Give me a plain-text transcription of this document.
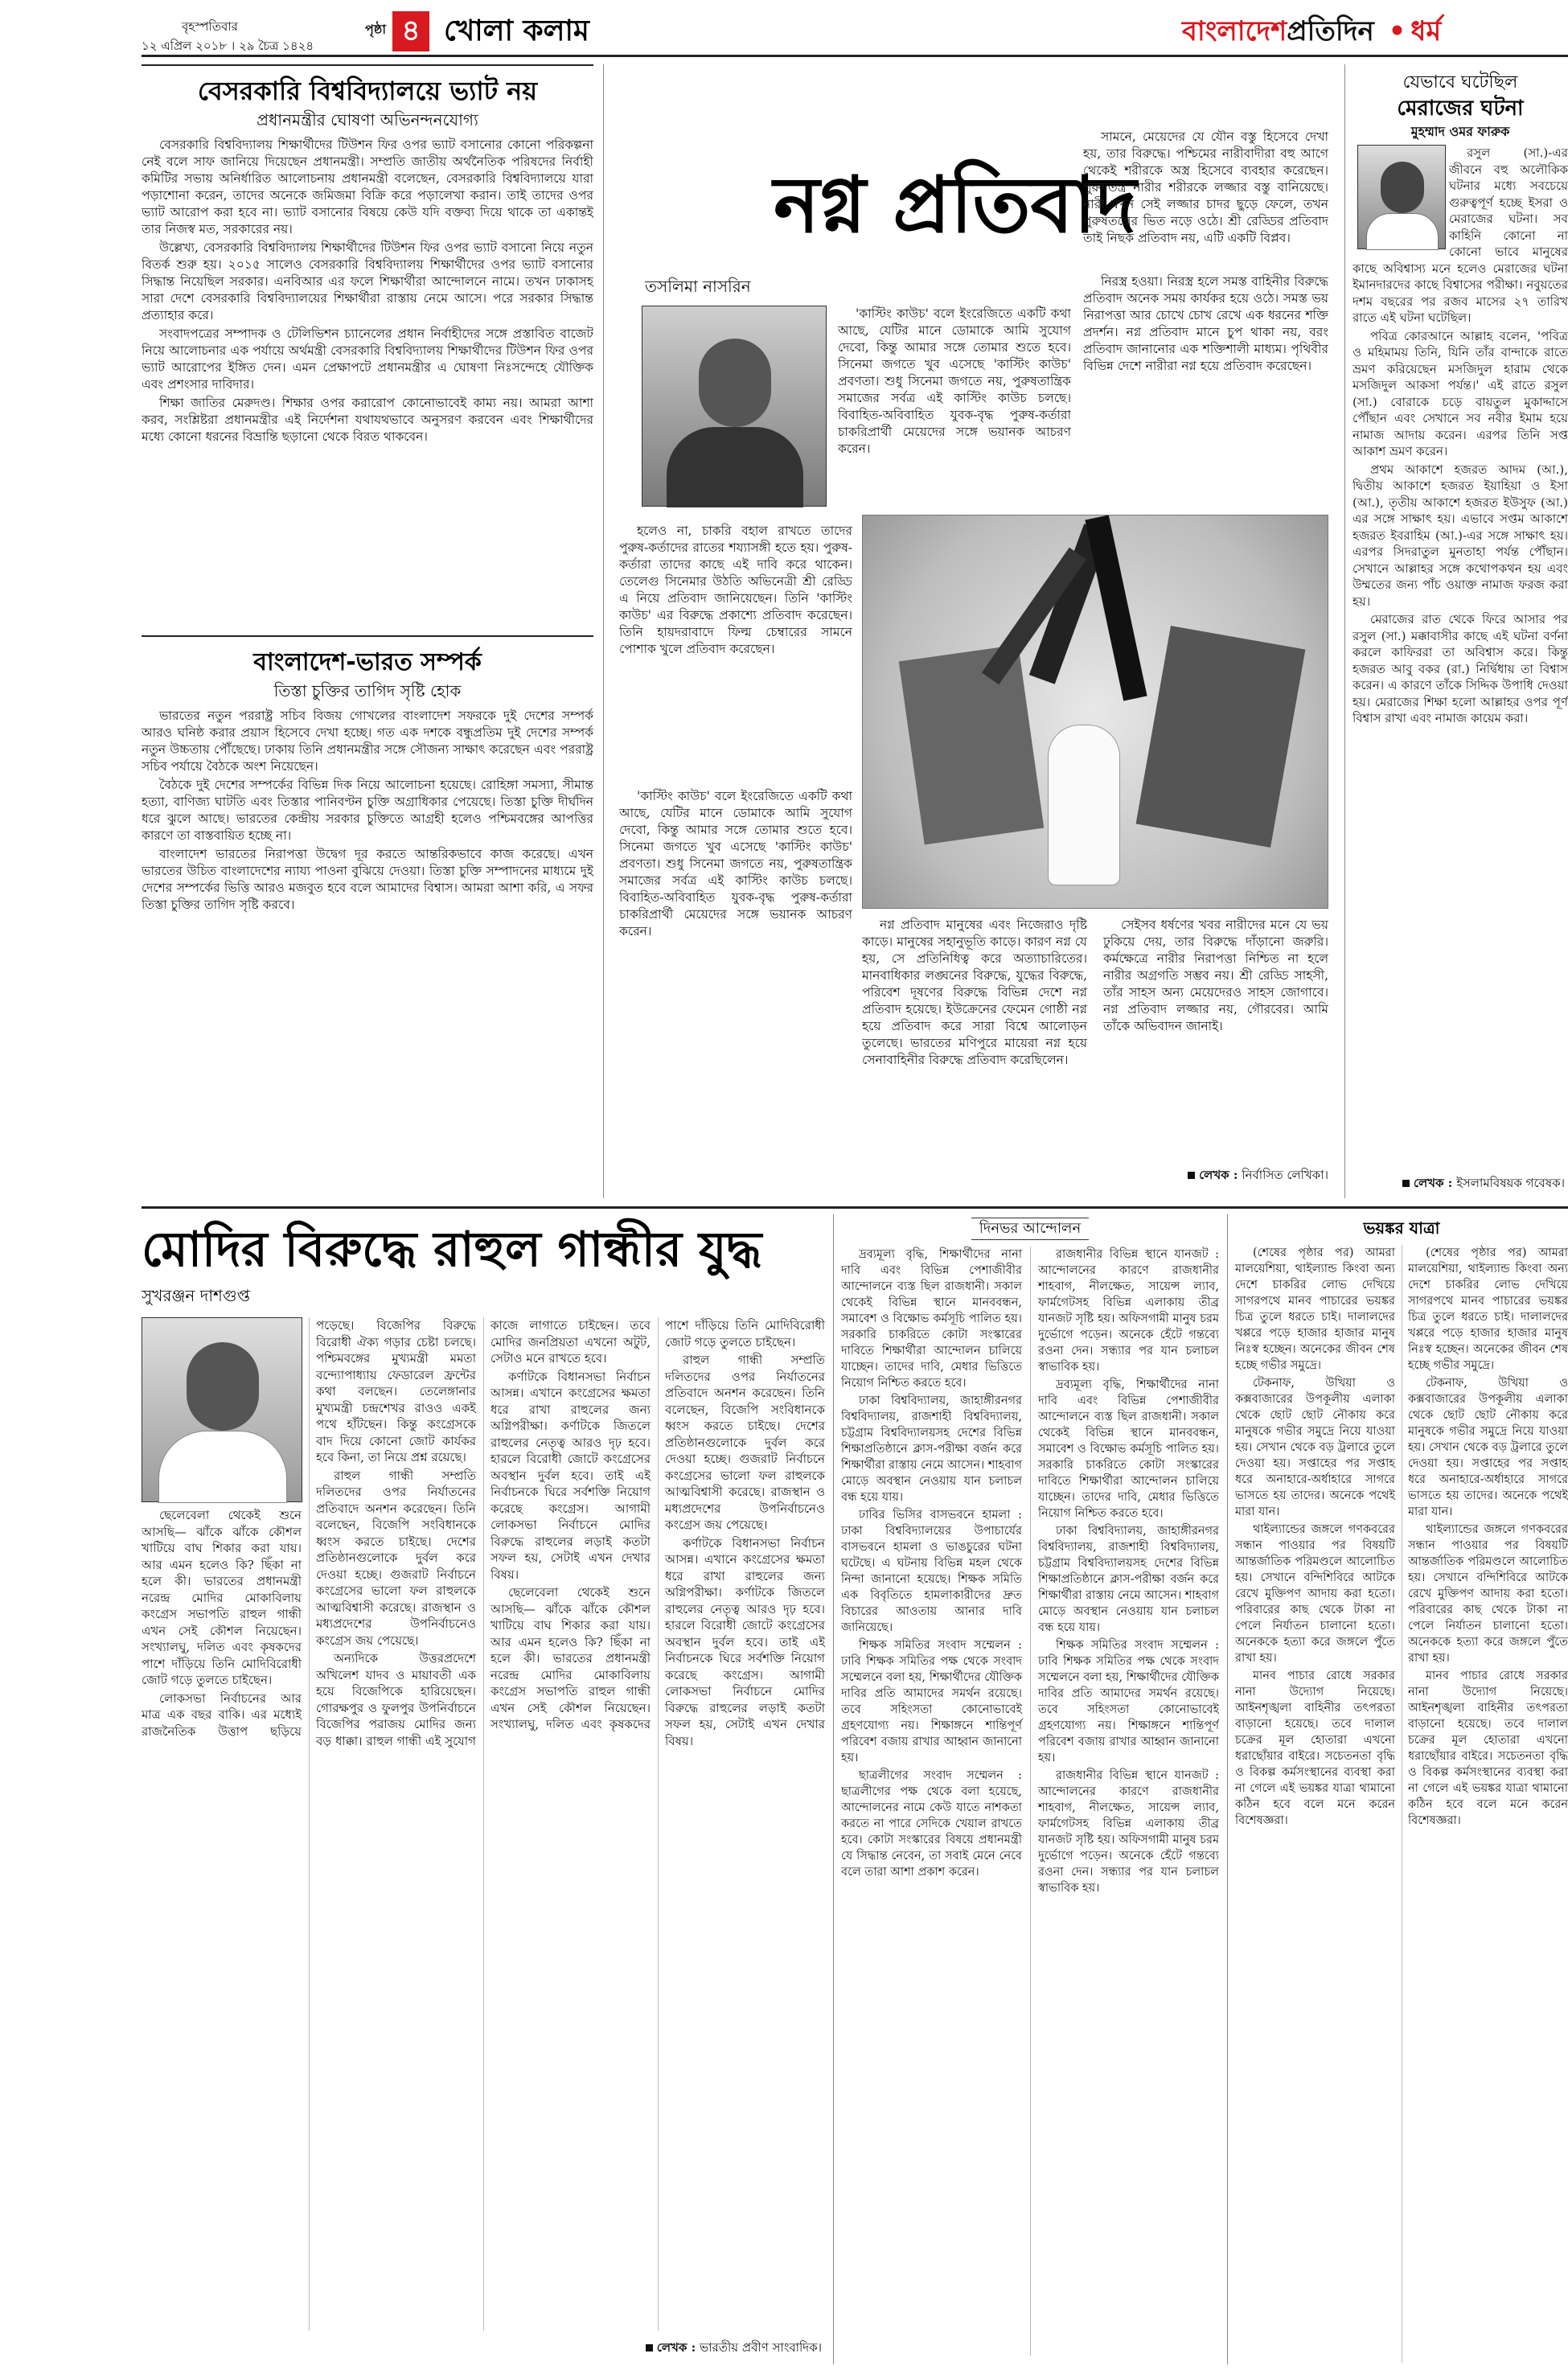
বৃহস্পতিবার
১২ এপ্রিল ২০১৮ । ২৯ চৈত্র ১৪২৪
পৃষ্ঠা ৪ খোলা কলাম	বাংলাদেশপ্রতিদিন • ধর্ম
বেসরকারি বিশ্ববিদ্যালয়ে ভ্যাট নয়
প্রধানমন্ত্রীর ঘোষণা অভিনন্দনযোগ্য

বেসরকারি বিশ্ববিদ্যালয় শিক্ষার্থীদের টিউশন ফির ওপর ভ্যাট বসানোর কোনো পরিকল্পনা নেই বলে সাফ জানিয়ে দিয়েছেন প্রধানমন্ত্রী। সম্প্রতি জাতীয় অর্থনৈতিক পরিষদের নির্বাহী কমিটির সভায় অনির্ধারিত আলোচনায় প্রধানমন্ত্রী বলেছেন, বেসরকারি বিশ্ববিদ্যালয়ে যারা পড়াশোনা করেন, তাদের অনেকে জমিজমা বিক্রি করে পড়ালেখা করান। তাই তাদের ওপর ভ্যাট আরোপ করা হবে না। ভ্যাট বসানোর বিষয়ে কেউ যদি বক্তব্য দিয়ে থাকে তা একান্তই তার নিজস্ব মত, সরকারের নয়।

উল্লেখ্য, বেসরকারি বিশ্ববিদ্যালয় শিক্ষার্থীদের টিউশন ফির ওপর ভ্যাট বসানো নিয়ে নতুন বিতর্ক শুরু হয়। ২০১৫ সালেও বেসরকারি বিশ্ববিদ্যালয় শিক্ষার্থীদের ওপর ভ্যাট বসানোর সিদ্ধান্ত নিয়েছিল সরকার। এনবিআর এর ফলে শিক্ষার্থীরা আন্দোলনে নামে। তখন ঢাকাসহ সারা দেশে বেসরকারি বিশ্ববিদ্যালয়ের শিক্ষার্থীরা রাস্তায় নেমে আসে। পরে সরকার সিদ্ধান্ত প্রত্যাহার করে।

সংবাদপত্রের সম্পাদক ও টেলিভিশন চ্যানেলের প্রধান নির্বাহীদের সঙ্গে প্রস্তাবিত বাজেট নিয়ে আলোচনার এক পর্যায়ে অর্থমন্ত্রী বেসরকারি বিশ্ববিদ্যালয় শিক্ষার্থীদের টিউশন ফির ওপর ভ্যাট আরোপের ইঙ্গিত দেন। এমন প্রেক্ষাপটে প্রধানমন্ত্রীর এ ঘোষণা নিঃসন্দেহে যৌক্তিক এবং প্রশংসার দাবিদার।

শিক্ষা জাতির মেরুদণ্ড। শিক্ষার ওপর করারোপ কোনোভাবেই কাম্য নয়। আমরা আশা করব, সংশ্লিষ্টরা প্রধানমন্ত্রীর এই নির্দেশনা যথাযথভাবে অনুসরণ করবেন এবং শিক্ষার্থীদের মধ্যে কোনো ধরনের বিভ্রান্তি ছড়ানো থেকে বিরত থাকবেন।

বাংলাদেশ-ভারত সম্পর্ক
তিস্তা চুক্তির তাগিদ সৃষ্টি হোক

ভারতের নতুন পররাষ্ট্র সচিব বিজয় গোখলের বাংলাদেশ সফরকে দুই দেশের সম্পর্ক আরও ঘনিষ্ঠ করার প্রয়াস হিসেবে দেখা হচ্ছে। গত এক দশকে বন্ধুপ্রতিম দুই দেশের সম্পর্ক নতুন উচ্চতায় পৌঁছেছে। ঢাকায় তিনি প্রধানমন্ত্রীর সঙ্গে সৌজন্য সাক্ষাৎ করেছেন এবং পররাষ্ট্র সচিব পর্যায়ে বৈঠকে অংশ নিয়েছেন।

বৈঠকে দুই দেশের সম্পর্কের বিভিন্ন দিক নিয়ে আলোচনা হয়েছে। রোহিঙ্গা সমস্যা, সীমান্ত হত্যা, বাণিজ্য ঘাটতি এবং তিস্তার পানিবণ্টন চুক্তি অগ্রাধিকার পেয়েছে। তিস্তা চুক্তি দীর্ঘদিন ধরে ঝুলে আছে। ভারতের কেন্দ্রীয় সরকার চুক্তিতে আগ্রহী হলেও পশ্চিমবঙ্গের আপত্তির কারণে তা বাস্তবায়িত হচ্ছে না।

বাংলাদেশ ভারতের নিরাপত্তা উদ্বেগ দূর করতে আন্তরিকভাবে কাজ করেছে। এখন ভারতের উচিত বাংলাদেশের ন্যায্য পাওনা বুঝিয়ে দেওয়া। তিস্তা চুক্তি সম্পাদনের মাধ্যমে দুই দেশের সম্পর্কের ভিত্তি আরও মজবুত হবে বলে আমাদের বিশ্বাস। আমরা আশা করি, এ সফর তিস্তা চুক্তির তাগিদ সৃষ্টি করবে।

নগ্ন প্রতিবাদ
তসলিমা নাসরিন

'কাস্টিং কাউচ' বলে ইংরেজিতে একটি কথা আছে, যেটির মানে ডোমাকে আমি সুযোগ দেবো, কিন্তু আমার সঙ্গে তোমার শুতে হবে। সিনেমা জগতে খুব এসেছে 'কাস্টিং কাউচ' প্রবণতা। শুধু সিনেমা জগতে নয়, পুরুষতান্ত্রিক সমাজের সর্বত্র এই কাস্টিং কাউচ চলছে। বিবাহিত-অবিবাহিত যুবক-বৃদ্ধ পুরুষ-কর্তারা চাকরিপ্রার্থী মেয়েদের সঙ্গে ভয়ানক আচরণ করেন।

হলেও না, চাকরি বহাল রাখতে তাদের পুরুষ-কর্তাদের রাতের শয্যাসঙ্গী হতে হয়। পুরুষ-কর্তারা তাদের কাছে এই দাবি করে থাকেন। তেলেগু সিনেমার উঠতি অভিনেত্রী শ্রী রেড্ডি এ নিয়ে প্রতিবাদ জানিয়েছেন। তিনি 'কাস্টিং কাউচ' এর বিরুদ্ধে প্রকাশ্যে প্রতিবাদ করেছেন। তিনি হায়দরাবাদে ফিল্ম চেম্বারের সামনে পোশাক খুলে প্রতিবাদ করেছেন।

নিরস্ত্র হওয়া। নিরস্ত্র হলে সমস্ত বাহিনীর বিরুদ্ধে প্রতিবাদ অনেক সময় কার্যকর হয়ে ওঠে। সমস্ত ভয় নিরাপত্তা আর চোখে চোখ রেখে এক ধরনের শক্তি প্রদর্শন। নগ্ন প্রতিবাদ মানে চুপ থাকা নয়, বরং প্রতিবাদ জানানোর এক শক্তিশালী মাধ্যম। পৃথিবীর বিভিন্ন দেশে নারীরা নগ্ন হয়ে প্রতিবাদ করেছেন।

সামনে, মেয়েদের যে যৌন বস্তু হিসেবে দেখা হয়, তার বিরুদ্ধে। পশ্চিমের নারীবাদীরা বহু আগে থেকেই শরীরকে অস্ত্র হিসেবে ব্যবহার করেছেন। পুরুষতন্ত্র নারীর শরীরকে লজ্জার বস্তু বানিয়েছে। নারী যখন সেই লজ্জার চাদর ছুড়ে ফেলে, তখন পুরুষতন্ত্রের ভিত নড়ে ওঠে। শ্রী রেড্ডির প্রতিবাদ তাই নিছক প্রতিবাদ নয়, এটি একটি বিপ্লব।

নগ্ন প্রতিবাদ মানুষের এবং নিজেরাও দৃষ্টি কাড়ে। মানুষের সহানুভূতি কাড়ে। কারণ নগ্ন যে হয়, সে প্রতিনিধিত্ব করে অত্যাচারিতের। মানবাধিকার লঙ্ঘনের বিরুদ্ধে, যুদ্ধের বিরুদ্ধে, পরিবেশ দূষণের বিরুদ্ধে বিভিন্ন দেশে নগ্ন প্রতিবাদ হয়েছে। ইউক্রেনের ফেমেন গোষ্ঠী নগ্ন হয়ে প্রতিবাদ করে সারা বিশ্বে আলোড়ন তুলেছে। ভারতের মণিপুরে মায়েরা নগ্ন হয়ে সেনাবাহিনীর বিরুদ্ধে প্রতিবাদ করেছিলেন।

সেইসব ধর্ষণের খবর নারীদের মনে যে ভয় ঢুকিয়ে দেয়, তার বিরুদ্ধে দাঁড়ানো জরুরি। কর্মক্ষেত্রে নারীর নিরাপত্তা নিশ্চিত না হলে নারীর অগ্রগতি সম্ভব নয়। শ্রী রেড্ডি সাহসী, তাঁর সাহস অন্য মেয়েদেরও সাহস জোগাবে। নগ্ন প্রতিবাদ লজ্জার নয়, গৌরবের। আমি তাঁকে অভিবাদন জানাই।

লেখক : নির্বাসিত লেখিকা।

'কাস্টিং কাউচ' বলে ইংরেজিতে একটি কথা আছে, যেটির মানে ডোমাকে আমি সুযোগ দেবো, কিন্তু আমার সঙ্গে তোমার শুতে হবে। সিনেমা জগতে খুব এসেছে 'কাস্টিং কাউচ' প্রবণতা। শুধু সিনেমা জগতে নয়, পুরুষতান্ত্রিক সমাজের সর্বত্র এই কাস্টিং কাউচ চলছে। বিবাহিত-অবিবাহিত যুবক-বৃদ্ধ পুরুষ-কর্তারা চাকরিপ্রার্থী মেয়েদের সঙ্গে ভয়ানক আচরণ করেন।

যেভাবে ঘটেছিল
মেরাজের ঘটনা
মুহম্মাদ ওমর ফারুক

রসুল (সা.)-এর জীবনে বহু অলৌকিক ঘটনার মধ্যে সবচেয়ে গুরুত্বপূর্ণ হচ্ছে ইসরা ও মেরাজের ঘটনা। সব কাহিনি কোনো না কোনো ভাবে মানুষের কাছে অবিশ্বাস্য মনে হলেও মেরাজের ঘটনা ইমানদারদের কাছে বিশ্বাসের পরীক্ষা। নবুয়তের দশম বছরের পর রজব মাসের ২৭ তারিখ রাতে এই ঘটনা ঘটেছিল।

পবিত্র কোরআনে আল্লাহ বলেন, 'পবিত্র ও মহিমাময় তিনি, যিনি তাঁর বান্দাকে রাতে ভ্রমণ করিয়েছেন মসজিদুল হারাম থেকে মসজিদুল আকসা পর্যন্ত।' এই রাতে রসুল (সা.) বোরাকে চড়ে বায়তুল মুকাদ্দাসে পৌঁছান এবং সেখানে সব নবীর ইমাম হয়ে নামাজ আদায় করেন। এরপর তিনি সপ্ত আকাশ ভ্রমণ করেন।

প্রথম আকাশে হজরত আদম (আ.), দ্বিতীয় আকাশে হজরত ইয়াহিয়া ও ইসা (আ.), তৃতীয় আকাশে হজরত ইউসুফ (আ.) এর সঙ্গে সাক্ষাৎ হয়। এভাবে সপ্তম আকাশে হজরত ইবরাহিম (আ.)-এর সঙ্গে সাক্ষাৎ হয়। এরপর সিদরাতুল মুনতাহা পর্যন্ত পৌঁছান। সেখানে আল্লাহর সঙ্গে কথোপকথন হয় এবং উম্মতের জন্য পাঁচ ওয়াক্ত নামাজ ফরজ করা হয়।

মেরাজের রাত থেকে ফিরে আসার পর রসুল (সা.) মক্কাবাসীর কাছে এই ঘটনা বর্ণনা করলে কাফিররা তা অবিশ্বাস করে। কিন্তু হজরত আবু বকর (রা.) নির্দ্বিধায় তা বিশ্বাস করেন। এ কারণে তাঁকে সিদ্দিক উপাধি দেওয়া হয়। মেরাজের শিক্ষা হলো আল্লাহর ওপর পূর্ণ বিশ্বাস রাখা এবং নামাজ কায়েম করা।

লেখক : ইসলামবিষয়ক গবেষক।
মোদির বিরুদ্ধে রাহুল গান্ধীর যুদ্ধ
সুখরঞ্জন দাশগুপ্ত

ছেলেবেলা থেকেই শুনে আসছি— ঝাঁকে ঝাঁকে কৌশল খাটিয়ে বাঘ শিকার করা যায়। আর এমন হলেও কি? ছিঁকা না হলে কী। ভারতের প্রধানমন্ত্রী নরেন্দ্র মোদির মোকাবিলায় কংগ্রেস সভাপতি রাহুল গান্ধী এখন সেই কৌশল নিয়েছেন। সংখ্যালঘু, দলিত এবং কৃষকদের পাশে দাঁড়িয়ে তিনি মোদিবিরোধী জোট গড়ে তুলতে চাইছেন।

লোকসভা নির্বাচনের আর মাত্র এক বছর বাকি। এর মধ্যেই রাজনৈতিক উত্তাপ ছড়িয়ে পড়েছে। বিজেপির বিরুদ্ধে বিরোধী ঐক্য গড়ার চেষ্টা চলছে। পশ্চিমবঙ্গের মুখ্যমন্ত্রী মমতা বন্দ্যোপাধ্যায় ফেডারেল ফ্রন্টের কথা বলছেন। তেলেঙ্গানার মুখ্যমন্ত্রী চন্দ্রশেখর রাওও একই পথে হাঁটছেন। কিন্তু কংগ্রেসকে বাদ দিয়ে কোনো জোট কার্যকর হবে কিনা, তা নিয়ে প্রশ্ন রয়েছে।

রাহুল গান্ধী সম্প্রতি দলিতদের ওপর নির্যাতনের প্রতিবাদে অনশন করেছেন। তিনি বলেছেন, বিজেপি সংবিধানকে ধ্বংস করতে চাইছে। দেশের প্রতিষ্ঠানগুলোকে দুর্বল করে দেওয়া হচ্ছে। গুজরাট নির্বাচনে কংগ্রেসের ভালো ফল রাহুলকে আত্মবিশ্বাসী করেছে। রাজস্থান ও মধ্যপ্রদেশের উপনির্বাচনেও কংগ্রেস জয় পেয়েছে।

অন্যদিকে উত্তরপ্রদেশে অখিলেশ যাদব ও মায়াবতী এক হয়ে বিজেপিকে হারিয়েছেন। গোরক্ষপুর ও ফুলপুর উপনির্বাচনে বিজেপির পরাজয় মোদির জন্য বড় ধাক্কা। রাহুল গান্ধী এই সুযোগ কাজে লাগাতে চাইছেন। তবে মোদির জনপ্রিয়তা এখনো অটুট, সেটাও মনে রাখতে হবে।

কর্ণাটকে বিধানসভা নির্বাচন আসন্ন। এখানে কংগ্রেসের ক্ষমতা ধরে রাখা রাহুলের জন্য অগ্নিপরীক্ষা। কর্ণাটকে জিতলে রাহুলের নেতৃত্ব আরও দৃঢ় হবে। হারলে বিরোধী জোটে কংগ্রেসের অবস্থান দুর্বল হবে। তাই এই নির্বাচনকে ঘিরে সর্বশক্তি নিয়োগ করেছে কংগ্রেস। আগামী লোকসভা নির্বাচনে মোদির বিরুদ্ধে রাহুলের লড়াই কতটা সফল হয়, সেটাই এখন দেখার বিষয়।

ছেলেবেলা থেকেই শুনে আসছি— ঝাঁকে ঝাঁকে কৌশল খাটিয়ে বাঘ শিকার করা যায়। আর এমন হলেও কি? ছিঁকা না হলে কী। ভারতের প্রধানমন্ত্রী নরেন্দ্র মোদির মোকাবিলায় কংগ্রেস সভাপতি রাহুল গান্ধী এখন সেই কৌশল নিয়েছেন। সংখ্যালঘু, দলিত এবং কৃষকদের পাশে দাঁড়িয়ে তিনি মোদিবিরোধী জোট গড়ে তুলতে চাইছেন।

রাহুল গান্ধী সম্প্রতি দলিতদের ওপর নির্যাতনের প্রতিবাদে অনশন করেছেন। তিনি বলেছেন, বিজেপি সংবিধানকে ধ্বংস করতে চাইছে। দেশের প্রতিষ্ঠানগুলোকে দুর্বল করে দেওয়া হচ্ছে। গুজরাট নির্বাচনে কংগ্রেসের ভালো ফল রাহুলকে আত্মবিশ্বাসী করেছে। রাজস্থান ও মধ্যপ্রদেশের উপনির্বাচনেও কংগ্রেস জয় পেয়েছে।

কর্ণাটকে বিধানসভা নির্বাচন আসন্ন। এখানে কংগ্রেসের ক্ষমতা ধরে রাখা রাহুলের জন্য অগ্নিপরীক্ষা। কর্ণাটকে জিতলে রাহুলের নেতৃত্ব আরও দৃঢ় হবে। হারলে বিরোধী জোটে কংগ্রেসের অবস্থান দুর্বল হবে। তাই এই নির্বাচনকে ঘিরে সর্বশক্তি নিয়োগ করেছে কংগ্রেস। আগামী লোকসভা নির্বাচনে মোদির বিরুদ্ধে রাহুলের লড়াই কতটা সফল হয়, সেটাই এখন দেখার বিষয়।

লেখক : ভারতীয় প্রবীণ সাংবাদিক।
দিনভর আন্দোলন

দ্রব্যমূল্য বৃদ্ধি, শিক্ষার্থীদের নানা দাবি এবং বিভিন্ন পেশাজীবীর আন্দোলনে ব্যস্ত ছিল রাজধানী। সকাল থেকেই বিভিন্ন স্থানে মানববন্ধন, সমাবেশ ও বিক্ষোভ কর্মসূচি পালিত হয়। সরকারি চাকরিতে কোটা সংস্কারের দাবিতে শিক্ষার্থীরা আন্দোলন চালিয়ে যাচ্ছেন। তাদের দাবি, মেধার ভিত্তিতে নিয়োগ নিশ্চিত করতে হবে।

ঢাকা বিশ্ববিদ্যালয়, জাহাঙ্গীরনগর বিশ্ববিদ্যালয়, রাজশাহী বিশ্ববিদ্যালয়, চট্টগ্রাম বিশ্ববিদ্যালয়সহ দেশের বিভিন্ন শিক্ষাপ্রতিষ্ঠানে ক্লাস-পরীক্ষা বর্জন করে শিক্ষার্থীরা রাস্তায় নেমে আসেন। শাহবাগ মোড়ে অবস্থান নেওয়ায় যান চলাচল বন্ধ হয়ে যায়।

ঢাবির ভিসির বাসভবনে হামলা : ঢাকা বিশ্ববিদ্যালয়ের উপাচার্যের বাসভবনে হামলা ও ভাঙচুরের ঘটনা ঘটেছে। এ ঘটনায় বিভিন্ন মহল থেকে নিন্দা জানানো হয়েছে। শিক্ষক সমিতি এক বিবৃতিতে হামলাকারীদের দ্রুত বিচারের আওতায় আনার দাবি জানিয়েছে।

শিক্ষক সমিতির সংবাদ সম্মেলন : ঢাবি শিক্ষক সমিতির পক্ষ থেকে সংবাদ সম্মেলনে বলা হয়, শিক্ষার্থীদের যৌক্তিক দাবির প্রতি আমাদের সমর্থন রয়েছে। তবে সহিংসতা কোনোভাবেই গ্রহণযোগ্য নয়। শিক্ষাঙ্গনে শান্তিপূর্ণ পরিবেশ বজায় রাখার আহ্বান জানানো হয়।

ছাত্রলীগের সংবাদ সম্মেলন : ছাত্রলীগের পক্ষ থেকে বলা হয়েছে, আন্দোলনের নামে কেউ যাতে নাশকতা করতে না পারে সেদিকে খেয়াল রাখতে হবে। কোটা সংস্কারের বিষয়ে প্রধানমন্ত্রী যে সিদ্ধান্ত নেবেন, তা সবাই মেনে নেবে বলে তারা আশা প্রকাশ করেন।

রাজধানীর বিভিন্ন স্থানে যানজট : আন্দোলনের কারণে রাজধানীর শাহবাগ, নীলক্ষেত, সায়েন্স ল্যাব, ফার্মগেটসহ বিভিন্ন এলাকায় তীব্র যানজট সৃষ্টি হয়। অফিসগামী মানুষ চরম দুর্ভোগে পড়েন। অনেকে হেঁটে গন্তব্যে রওনা দেন। সন্ধ্যার পর যান চলাচল স্বাভাবিক হয়।

দ্রব্যমূল্য বৃদ্ধি, শিক্ষার্থীদের নানা দাবি এবং বিভিন্ন পেশাজীবীর আন্দোলনে ব্যস্ত ছিল রাজধানী। সকাল থেকেই বিভিন্ন স্থানে মানববন্ধন, সমাবেশ ও বিক্ষোভ কর্মসূচি পালিত হয়। সরকারি চাকরিতে কোটা সংস্কারের দাবিতে শিক্ষার্থীরা আন্দোলন চালিয়ে যাচ্ছেন। তাদের দাবি, মেধার ভিত্তিতে নিয়োগ নিশ্চিত করতে হবে।

ঢাকা বিশ্ববিদ্যালয়, জাহাঙ্গীরনগর বিশ্ববিদ্যালয়, রাজশাহী বিশ্ববিদ্যালয়, চট্টগ্রাম বিশ্ববিদ্যালয়সহ দেশের বিভিন্ন শিক্ষাপ্রতিষ্ঠানে ক্লাস-পরীক্ষা বর্জন করে শিক্ষার্থীরা রাস্তায় নেমে আসেন। শাহবাগ মোড়ে অবস্থান নেওয়ায় যান চলাচল বন্ধ হয়ে যায়।

শিক্ষক সমিতির সংবাদ সম্মেলন : ঢাবি শিক্ষক সমিতির পক্ষ থেকে সংবাদ সম্মেলনে বলা হয়, শিক্ষার্থীদের যৌক্তিক দাবির প্রতি আমাদের সমর্থন রয়েছে। তবে সহিংসতা কোনোভাবেই গ্রহণযোগ্য নয়। শিক্ষাঙ্গনে শান্তিপূর্ণ পরিবেশ বজায় রাখার আহ্বান জানানো হয়।

রাজধানীর বিভিন্ন স্থানে যানজট : আন্দোলনের কারণে রাজধানীর শাহবাগ, নীলক্ষেত, সায়েন্স ল্যাব, ফার্মগেটসহ বিভিন্ন এলাকায় তীব্র যানজট সৃষ্টি হয়। অফিসগামী মানুষ চরম দুর্ভোগে পড়েন। অনেকে হেঁটে গন্তব্যে রওনা দেন। সন্ধ্যার পর যান চলাচল স্বাভাবিক হয়।

ভয়ঙ্কর যাত্রা

(শেষের পৃষ্ঠার পর) আমরা মালয়েশিয়া, থাইল্যান্ড কিংবা অন্য দেশে চাকরির লোভ দেখিয়ে সাগরপথে মানব পাচারের ভয়ঙ্কর চিত্র তুলে ধরতে চাই। দালালদের খপ্পরে পড়ে হাজার হাজার মানুষ নিঃস্ব হচ্ছেন। অনেকের জীবন শেষ হচ্ছে গভীর সমুদ্রে।

টেকনাফ, উখিয়া ও কক্সবাজারের উপকূলীয় এলাকা থেকে ছোট ছোট নৌকায় করে মানুষকে গভীর সমুদ্রে নিয়ে যাওয়া হয়। সেখান থেকে বড় ট্রলারে তুলে দেওয়া হয়। সপ্তাহের পর সপ্তাহ ধরে অনাহারে-অর্ধাহারে সাগরে ভাসতে হয় তাদের। অনেকে পথেই মারা যান।

থাইল্যান্ডের জঙ্গলে গণকবরের সন্ধান পাওয়ার পর বিষয়টি আন্তর্জাতিক পরিমণ্ডলে আলোচিত হয়। সেখানে বন্দিশিবিরে আটকে রেখে মুক্তিপণ আদায় করা হতো। পরিবারের কাছ থেকে টাকা না পেলে নির্যাতন চালানো হতো। অনেককে হত্যা করে জঙ্গলে পুঁতে রাখা হয়।

মানব পাচার রোধে সরকার নানা উদ্যোগ নিয়েছে। আইনশৃঙ্খলা বাহিনীর তৎপরতা বাড়ানো হয়েছে। তবে দালাল চক্রের মূল হোতারা এখনো ধরাছোঁয়ার বাইরে। সচেতনতা বৃদ্ধি ও বিকল্প কর্মসংস্থানের ব্যবস্থা করা না গেলে এই ভয়ঙ্কর যাত্রা থামানো কঠিন হবে বলে মনে করেন বিশেষজ্ঞরা।

(শেষের পৃষ্ঠার পর) আমরা মালয়েশিয়া, থাইল্যান্ড কিংবা অন্য দেশে চাকরির লোভ দেখিয়ে সাগরপথে মানব পাচারের ভয়ঙ্কর চিত্র তুলে ধরতে চাই। দালালদের খপ্পরে পড়ে হাজার হাজার মানুষ নিঃস্ব হচ্ছেন। অনেকের জীবন শেষ হচ্ছে গভীর সমুদ্রে।

টেকনাফ, উখিয়া ও কক্সবাজারের উপকূলীয় এলাকা থেকে ছোট ছোট নৌকায় করে মানুষকে গভীর সমুদ্রে নিয়ে যাওয়া হয়। সেখান থেকে বড় ট্রলারে তুলে দেওয়া হয়। সপ্তাহের পর সপ্তাহ ধরে অনাহারে-অর্ধাহারে সাগরে ভাসতে হয় তাদের। অনেকে পথেই মারা যান।

থাইল্যান্ডের জঙ্গলে গণকবরের সন্ধান পাওয়ার পর বিষয়টি আন্তর্জাতিক পরিমণ্ডলে আলোচিত হয়। সেখানে বন্দিশিবিরে আটকে রেখে মুক্তিপণ আদায় করা হতো। পরিবারের কাছ থেকে টাকা না পেলে নির্যাতন চালানো হতো। অনেককে হত্যা করে জঙ্গলে পুঁতে রাখা হয়।

মানব পাচার রোধে সরকার নানা উদ্যোগ নিয়েছে। আইনশৃঙ্খলা বাহিনীর তৎপরতা বাড়ানো হয়েছে। তবে দালাল চক্রের মূল হোতারা এখনো ধরাছোঁয়ার বাইরে। সচেতনতা বৃদ্ধি ও বিকল্প কর্মসংস্থানের ব্যবস্থা করা না গেলে এই ভয়ঙ্কর যাত্রা থামানো কঠিন হবে বলে মনে করেন বিশেষজ্ঞরা।
